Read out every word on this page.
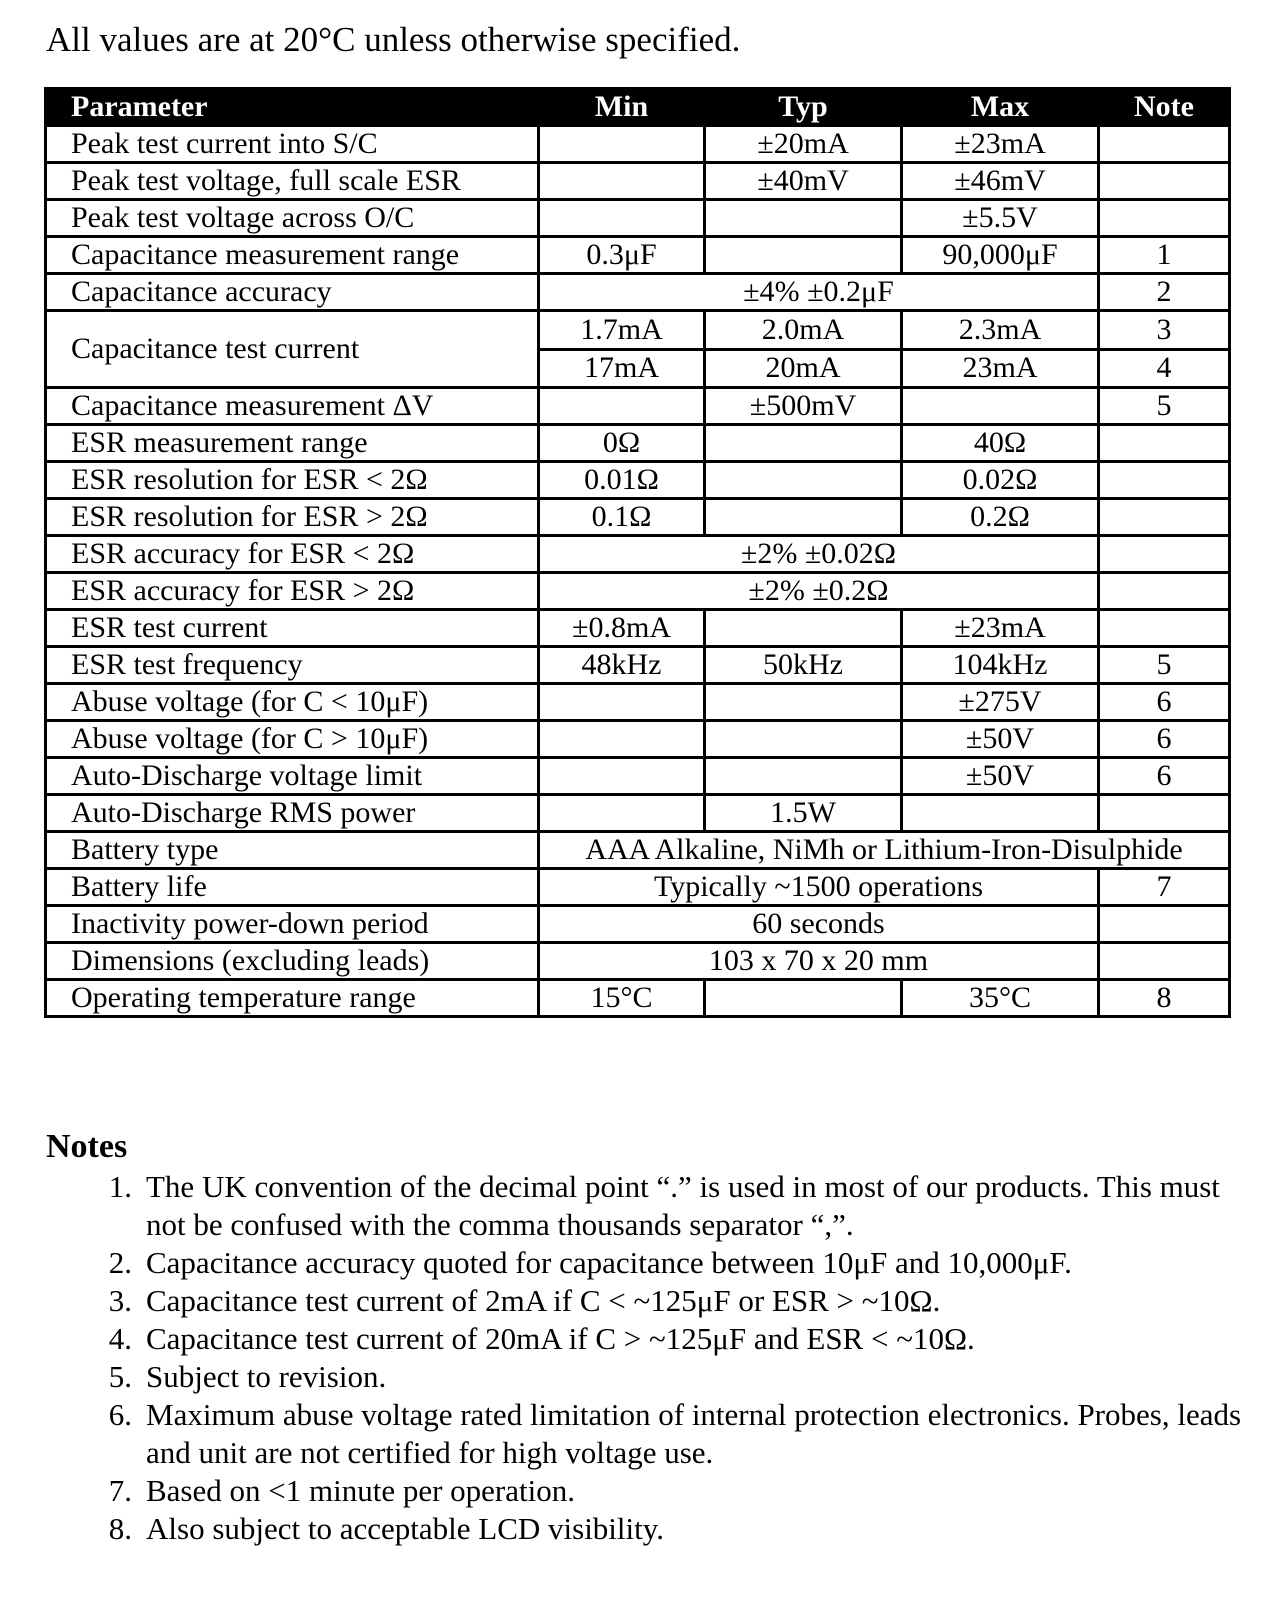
All values are at 20°C unless otherwise specified.
Parameter	Min	Typ	Max	Note
Peak test current into S/C		±20mA	±23mA	
Peak test voltage, full scale ESR		±40mV	±46mV	
Peak test voltage across O/C			±5.5V	
Capacitance measurement range	0.3μF		90,000μF	1
Capacitance accuracy	±4% ±0.2μF			2
Capacitance test current	1.7mA	2.0mA	2.3mA	3
	17mA	20mA	23mA	4
Capacitance measurement ΔV		±500mV		5
ESR measurement range	0Ω		40Ω	
ESR resolution for ESR < 2Ω	0.01Ω		0.02Ω	
ESR resolution for ESR > 2Ω	0.1Ω		0.2Ω	
ESR accuracy for ESR < 2Ω	±2% ±0.02Ω			
ESR accuracy for ESR > 2Ω	±2% ±0.2Ω			
ESR test current	±0.8mA		±23mA	
ESR test frequency	48kHz	50kHz	104kHz	5
Abuse voltage (for C < 10μF)			±275V	6
Abuse voltage (for C > 10μF)			±50V	6
Auto-Discharge voltage limit			±50V	6
Auto-Discharge RMS power		1.5W		
Battery type	AAA Alkaline, NiMh or Lithium-Iron-Disulphide			
Battery life	Typically ~1500 operations			7
Inactivity power-down period	60 seconds			
Dimensions (excluding leads)	103 x 70 x 20 mm			
Operating temperature range	15°C		35°C	8
Notes
1. The UK convention of the decimal point “.” is used in most of our products. This must not be confused with the comma thousands separator “,”.
2. Capacitance accuracy quoted for capacitance between 10μF and 10,000μF.
3. Capacitance test current of 2mA if C < ~125μF or ESR > ~10Ω.
4. Capacitance test current of 20mA if C > ~125μF and ESR < ~10Ω.
5. Subject to revision.
6. Maximum abuse voltage rated limitation of internal protection electronics. Probes, leads and unit are not certified for high voltage use.
7. Based on <1 minute per operation.
8. Also subject to acceptable LCD visibility.
